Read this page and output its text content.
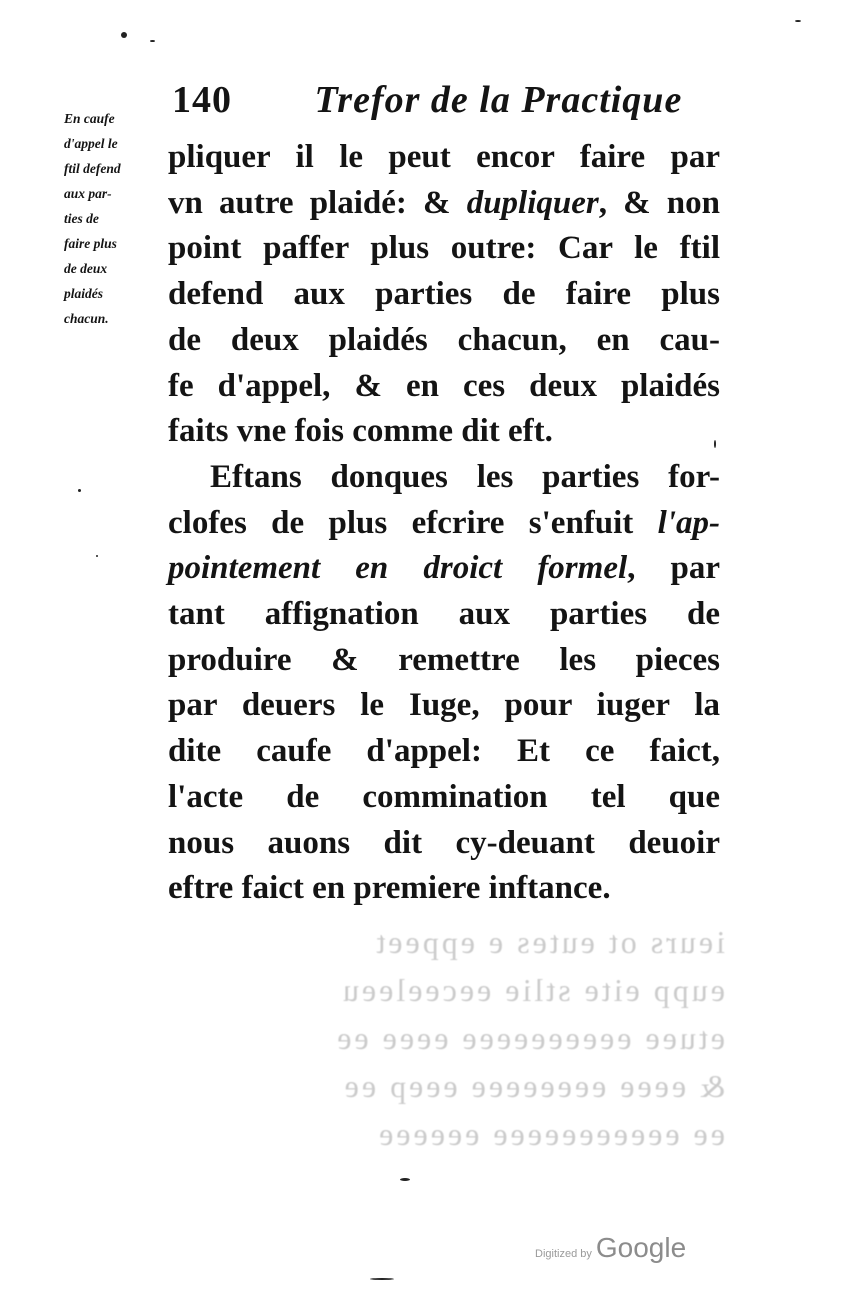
140 Trefor de la Practique
En caufe
d'appel le
ftil defend
aux par-
ties de
faire plus
de deux
plaidés
chacun.
pliquer il le peut encor faire par
vn autre plaidé: & dupliquer, & non
point paffer plus outre: Car le ftil
defend aux parties de faire plus
de deux plaidés chacun, en cau-
fe d'appel, & en ces deux plaidés
faits vne fois comme dit eft.
Eftans donques les parties for-
clofes de plus efcrire s'enfuit l'ap-
pointement en droict formel, par
tant affignation aux parties de
produire & remettre les pieces
par deuers le Iuge, pour iuger la
dite caufe d'appel: Et ce faict,
l'acte de commination tel que
nous auons dit cy-deuant deuoir
eftre faict en premiere inftance.
ieurs ot eutes e eppeet
eupp eite stlie eeceeleeu
etuee eeeeeeeeee eeee ee
& eeee eeeeeeee eeep ee
ee eeeeeeeeeee eeeeee
Digitized by Google
